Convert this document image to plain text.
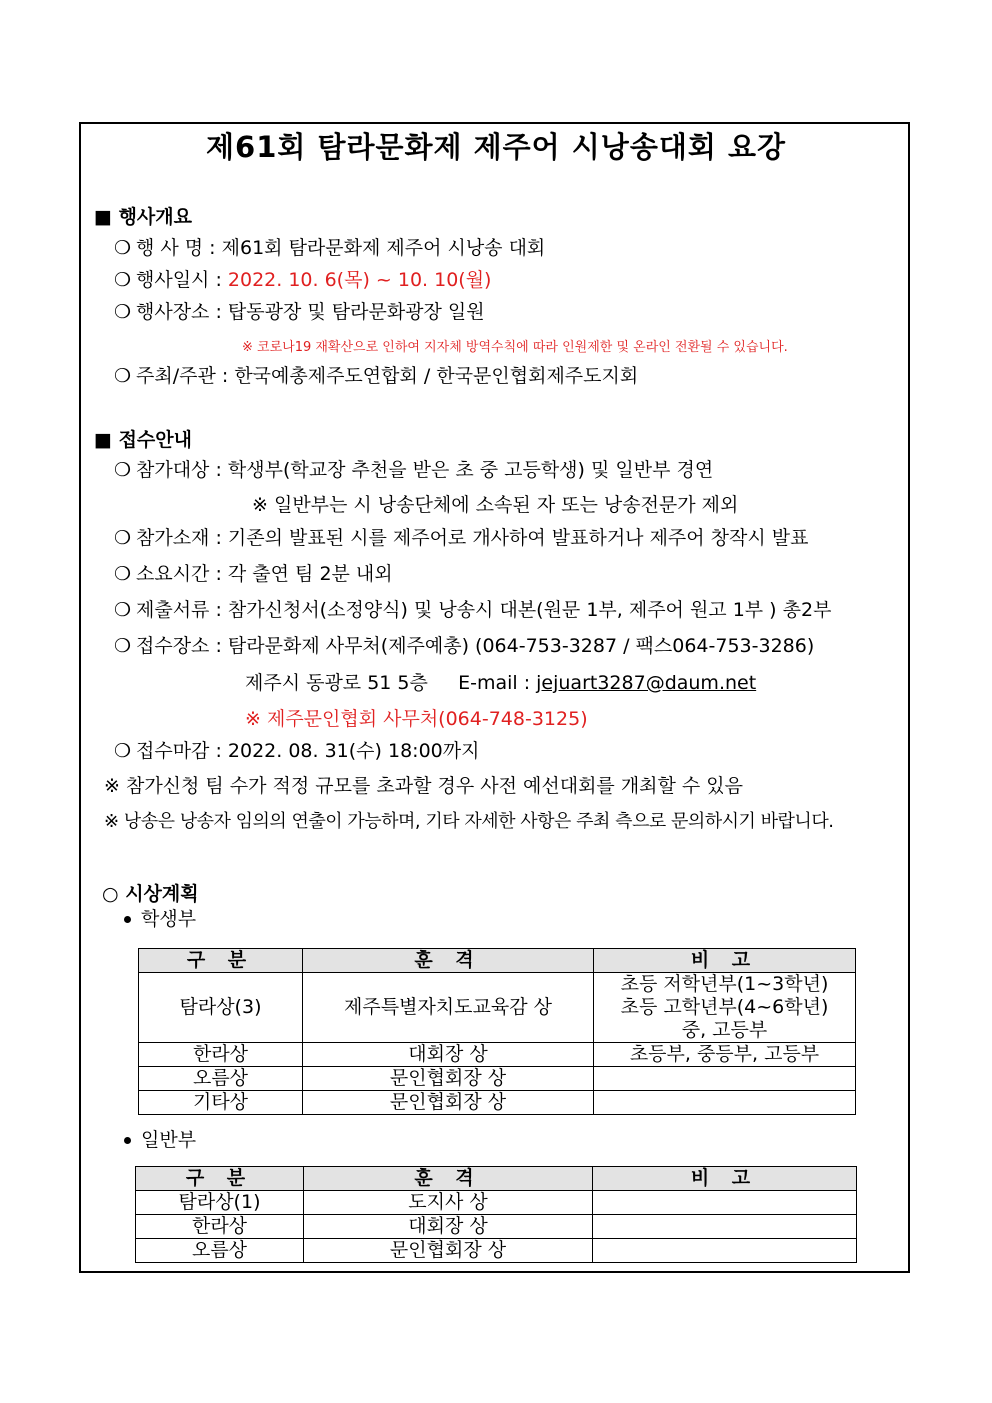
제61회 탐라문화제 제주어 시낭송대회 요강
■ 행사개요
❍ 행 사 명 : 제61회 탐라문화제 제주어 시낭송 대회
❍ 행사일시 : 2022. 10. 6(목) ~ 10. 10(월)
❍ 행사장소 : 탑동광장 및 탐라문화광장 일원
※ 코로나19 재확산으로 인하여 지자체 방역수칙에 따라 인원제한 및 온라인 전환될 수 있습니다.
❍ 주최/주관 : 한국예총제주도연합회 / 한국문인협회제주도지회
■ 접수안내
❍ 참가대상 : 학생부(학교장 추천을 받은 초 중 고등학생) 및 일반부 경연
※ 일반부는 시 낭송단체에 소속된 자 또는 낭송전문가 제외
❍ 참가소재 : 기존의 발표된 시를 제주어로 개사하여 발표하거나 제주어 창작시 발표
❍ 소요시간 : 각 출연 팀 2분 내외
❍ 제출서류 : 참가신청서(소정양식) 및 낭송시 대본(원문 1부, 제주어 원고 1부 ) 총2부
❍ 접수장소 : 탐라문화제 사무처(제주예총) (064-753-3287 / 팩스064-753-3286)
제주시 동광로 51 5층 E-mail : jejuart3287@daum.net
※ 제주문인협회 사무처(064-748-3125)
❍ 접수마감 : 2022. 08. 31(수) 18:00까지
※ 참가신청 팀 수가 적정 규모를 초과할 경우 사전 예선대회를 개최할 수 있음
※ 낭송은 낭송자 임의의 연출이 가능하며, 기타 자세한 사항은 주최 측으로 문의하시기 바랍니다.
○ 시상계획
학생부
구 분	훈 격	비 고
탐라상(3)	제주특별자치도교육감 상	초등 저학년부(1~3학년)
초등 고학년부(4~6학년)
중, 고등부

한라상	대회장 상	초등부, 중등부, 고등부
오름상	문인협회장 상	
기타상	문인협회장 상	
일반부
구 분	훈 격	비 고
탐라상(1)	도지사 상	
한라상	대회장 상	
오름상	문인협회장 상	
